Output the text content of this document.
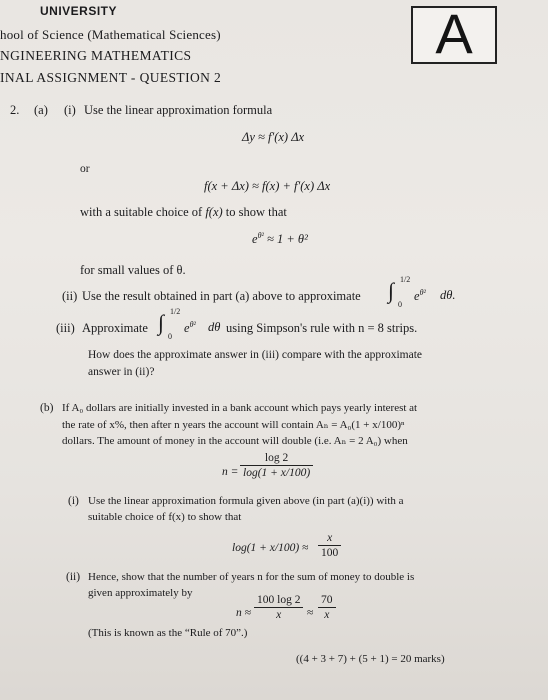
UNIVERSITY
hool of Science (Mathematical Sciences)
NGINEERING MATHEMATICS
INAL ASSIGNMENT - QUESTION 2
A
2. (a) (i) Use the linear approximation formula
Δy ≈ f′(x) Δx
or
f(x + Δx) ≈ f(x) + f′(x) Δx
with a suitable choice of f(x) to show that
$e^{\theta^2} \approx 1 + \theta^2$
for small values of θ.
(ii) Use the result obtained in part (a) above to approximate ∫ 1/2
0
$e^{\theta^2}$ dθ.
(iii) Approximate ∫ 1/2
0
$e^{\theta^2}$ dθ using Simpson's rule with n = 8 strips.
How does the approximate answer in (iii) compare with the approximate
answer in (ii)?
(b) If A₀ dollars are initially invested in a bank account which pays yearly interest at
the rate of x%, then after n years the account will contain Aₙ = A₀(1 + x/100)ⁿ
dollars. The amount of money in the account will double (i.e. Aₙ = 2 A₀) when
$n = \frac{\log 2}{\log(1 + x/100)}$
(i) Use the linear approximation formula given above (in part (a)(i)) with a
suitable choice of f(x) to show that
$\log(1 + x/100) \approx \frac{x}{100}$
(ii) Hence, show that the number of years n for the sum of money to double is
given approximately by
$n \approx \frac{100 \log 2}{x} \approx \frac{70}{x}$
(This is known as the “Rule of 70”.)
((4 + 3 + 7) + (5 + 1) = 20 marks)
